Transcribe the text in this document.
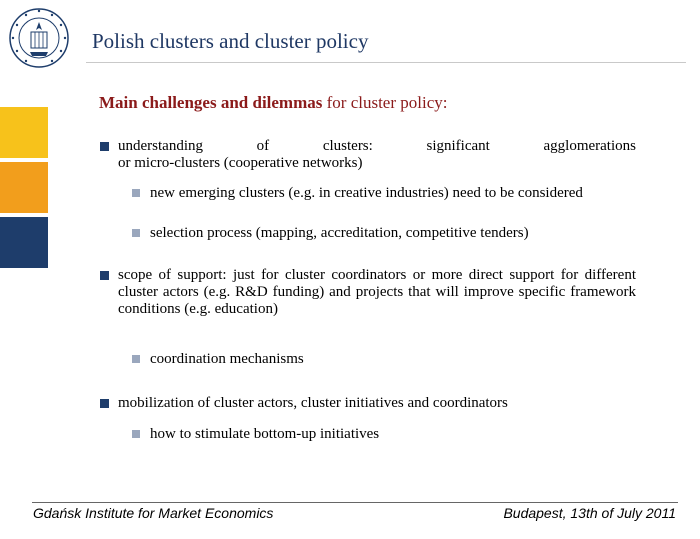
Polish clusters and cluster policy
Main challenges and dilemmas for cluster policy:
understanding	of	clusters:	significant	agglomerations
or micro-clusters (cooperative networks)
new emerging clusters (e.g. in creative industries) need to be considered
selection process (mapping, accreditation, competitive tenders)
scope of support: just for cluster coordinators or more direct support for different cluster actors (e.g. R&D funding) and projects that will improve specific framework conditions (e.g. education)
coordination mechanisms
mobilization of cluster actors, cluster initiatives and coordinators
how to stimulate bottom-up initiatives
Gdańsk Institute for Market Economics	Budapest, 13th of July 2011
